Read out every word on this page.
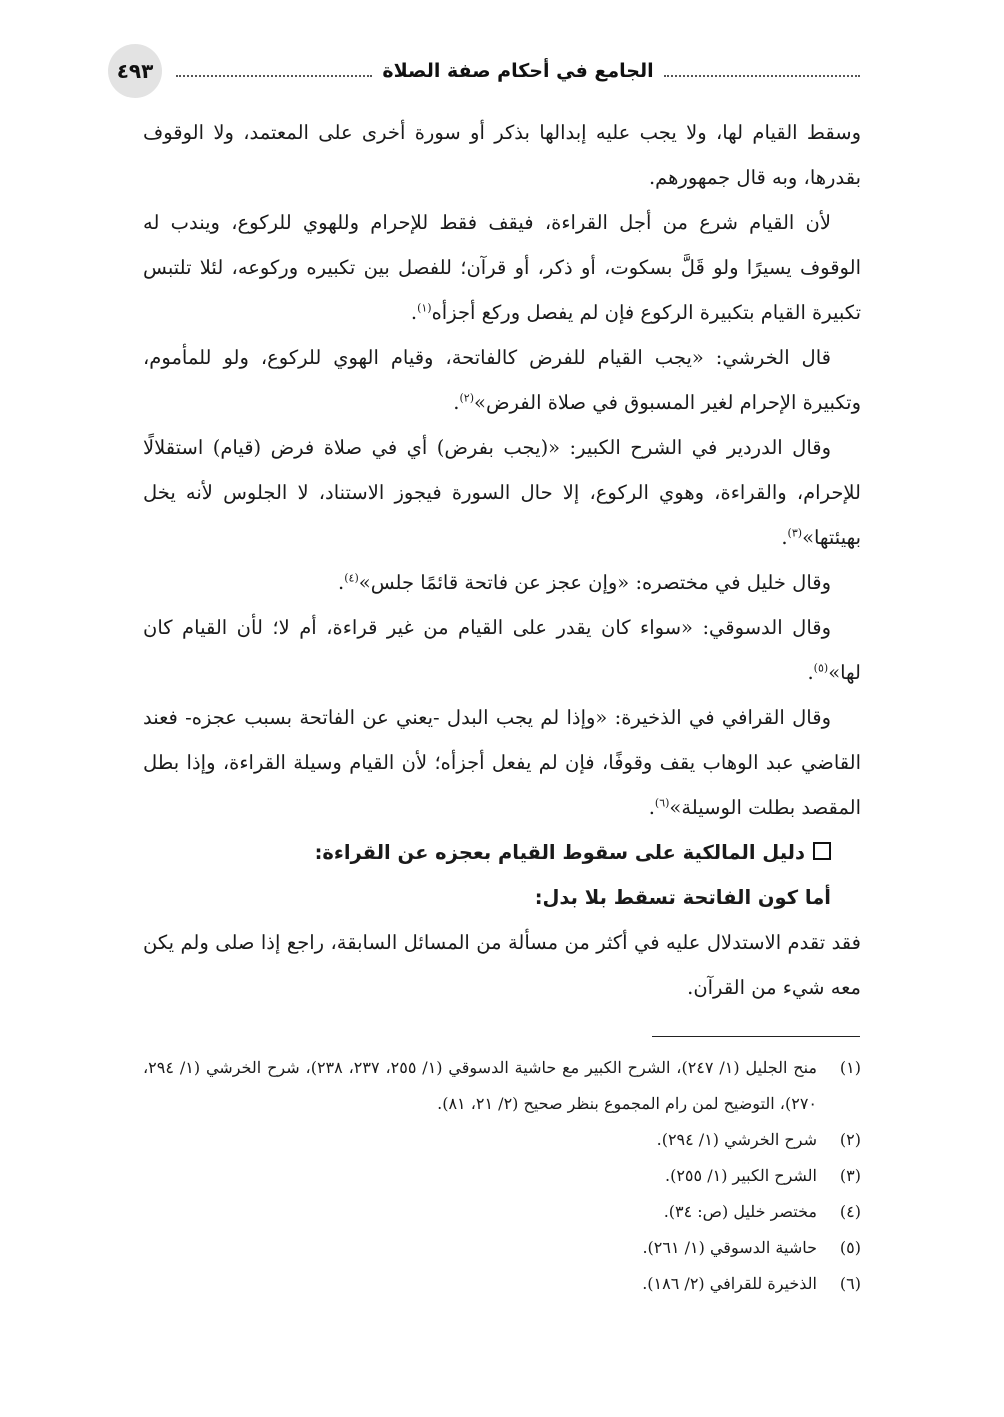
٤٩٣	الجامع في أحكام صفة الصلاة

وسقط القيام لها، ولا يجب عليه إبدالها بذكر أو سورة أخرى على المعتمد، ولا الوقوف بقدرها، وبه قال جمهورهم.

لأن القيام شرع من أجل القراءة، فيقف فقط للإحرام وللهوي للركوع، ويندب له الوقوف يسيرًا ولو قَلَّ بسكوت، أو ذكر، أو قرآن؛ للفصل بين تكبيره وركوعه، لئلا تلتبس تكبيرة القيام بتكبيرة الركوع فإن لم يفصل وركع أجزأه$^{(١)}$.

قال الخرشي: «يجب القيام للفرض كالفاتحة، وقيام الهوي للركوع، ولو للمأموم، وتكبيرة الإحرام لغير المسبوق في صلاة الفرض»$^{(٢)}$.

وقال الدردير في الشرح الكبير: «(يجب بفرض) أي في صلاة فرض (قيام) استقلالًا للإحرام، والقراءة، وهوي الركوع، إلا حال السورة فيجوز الاستناد، لا الجلوس لأنه يخل بهيئتها»$^{(٣)}$.

وقال خليل في مختصره: «وإن عجز عن فاتحة قائمًا جلس»$^{(٤)}$.

وقال الدسوقي: «سواء كان يقدر على القيام من غير قراءة، أم لا؛ لأن القيام كان لها»$^{(٥)}$.

وقال القرافي في الذخيرة: «وإذا لم يجب البدل -يعني عن الفاتحة بسبب عجزه- فعند القاضي عبد الوهاب يقف وقوفًا، فإن لم يفعل أجزأه؛ لأن القيام وسيلة القراءة، وإذا بطل المقصد بطلت الوسيلة»$^{(٦)}$.

دليل المالكية على سقوط القيام بعجزه عن القراءة:

أما كون الفاتحة تسقط بلا بدل:

فقد تقدم الاستدلال عليه في أكثر من مسألة من المسائل السابقة، راجع إذا صلى ولم يكن معه شيء من القرآن.

(١)
منح الجليل (١/ ٢٤٧)، الشرح الكبير مع حاشية الدسوقي (١/ ٢٥٥، ٢٣٧، ٢٣٨)، شرح الخرشي (١/ ٢٩٤، ٢٧٠)، التوضيح لمن رام المجموع بنظر صحيح (٢/ ٢١، ٨١).
(٢)
شرح الخرشي (١/ ٢٩٤).
(٣)
الشرح الكبير (١/ ٢٥٥).
(٤)
مختصر خليل (ص: ٣٤).
(٥)
حاشية الدسوقي (١/ ٢٦١).
(٦)
الذخيرة للقرافي (٢/ ١٨٦).
